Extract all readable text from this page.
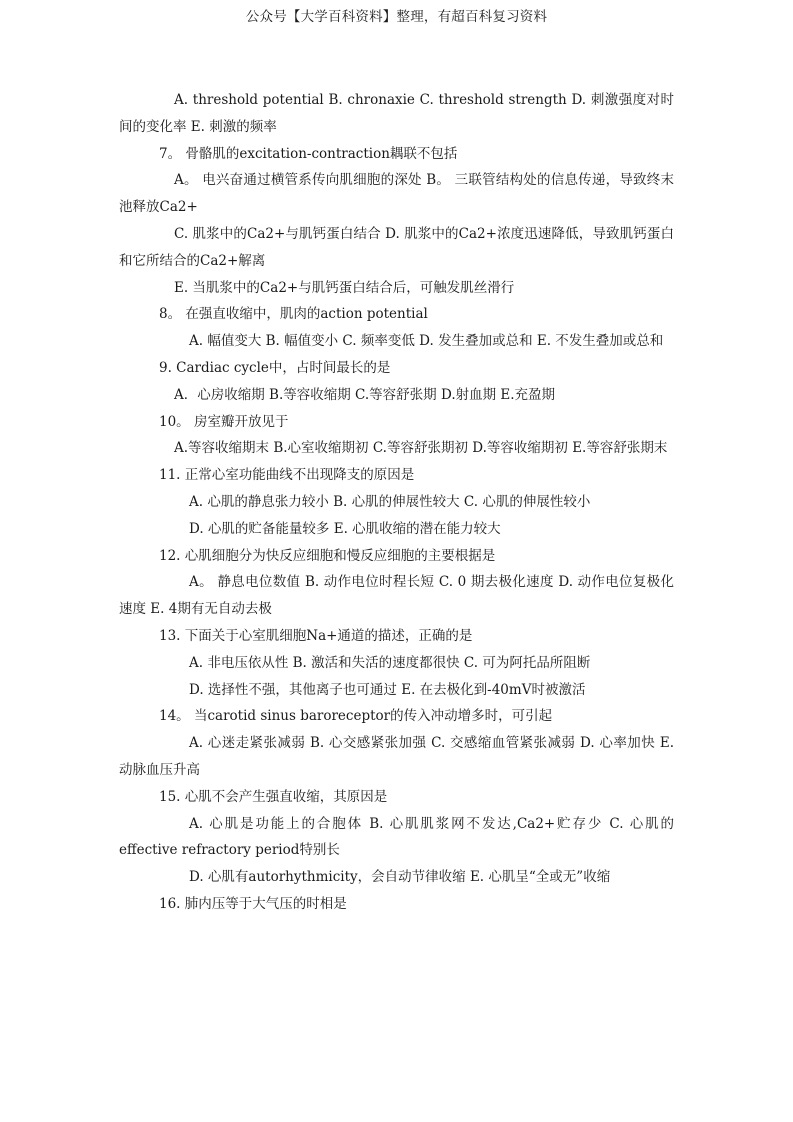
公众号【大学百科资料】整理，有超百科复习资料

A. threshold potential B. chronaxie C. threshold strength D. 刺激强度对时间的变化率 E. 刺激的频率

7。 骨骼肌的excitation-contraction耦联不包括

A。 电兴奋通过横管系传向肌细胞的深处 B。 三联管结构处的信息传递，导致终末池释放Ca2+

C. 肌浆中的Ca2+与肌钙蛋白结合 D. 肌浆中的Ca2+浓度迅速降低，导致肌钙蛋白和它所结合的Ca2+解离

E. 当肌浆中的Ca2+与肌钙蛋白结合后，可触发肌丝滑行

8。 在强直收缩中，肌肉的action potential

A. 幅值变大 B. 幅值变小 C. 频率变低 D. 发生叠加或总和 E. 不发生叠加或总和

9. Cardiac cycle中，占时间最长的是

A．心房收缩期 B.等容收缩期 C.等容舒张期 D.射血期 E.充盈期

10。 房室瓣开放见于

A.等容收缩期末 B.心室收缩期初 C.等容舒张期初 D.等容收缩期初 E.等容舒张期末

11. 正常心室功能曲线不出现降支的原因是

A. 心肌的静息张力较小 B. 心肌的伸展性较大 C. 心肌的伸展性较小

D. 心肌的贮备能量较多 E. 心肌收缩的潜在能力较大

12. 心肌细胞分为快反应细胞和慢反应细胞的主要根据是

A。 静息电位数值 B. 动作电位时程长短 C. 0 期去极化速度 D. 动作电位复极化速度 E. 4期有无自动去极

13. 下面关于心室肌细胞Na+通道的描述，正确的是

A. 非电压依从性 B. 激活和失活的速度都很快 C. 可为阿托品所阻断

D. 选择性不强，其他离子也可通过 E. 在去极化到-40mV时被激活

14。 当carotid sinus baroreceptor的传入冲动增多时，可引起

A. 心迷走紧张减弱 B. 心交感紧张加强 C. 交感缩血管紧张减弱 D. 心率加快 E. 动脉血压升高

15. 心肌不会产生强直收缩，其原因是

A. 心肌是功能上的合胞体 B. 心肌肌浆网不发达,Ca2+贮存少 C. 心肌的effective refractory period特别长

D. 心肌有autorhythmicity，会自动节律收缩 E. 心肌呈“全或无”收缩

16. 肺内压等于大气压的时相是
